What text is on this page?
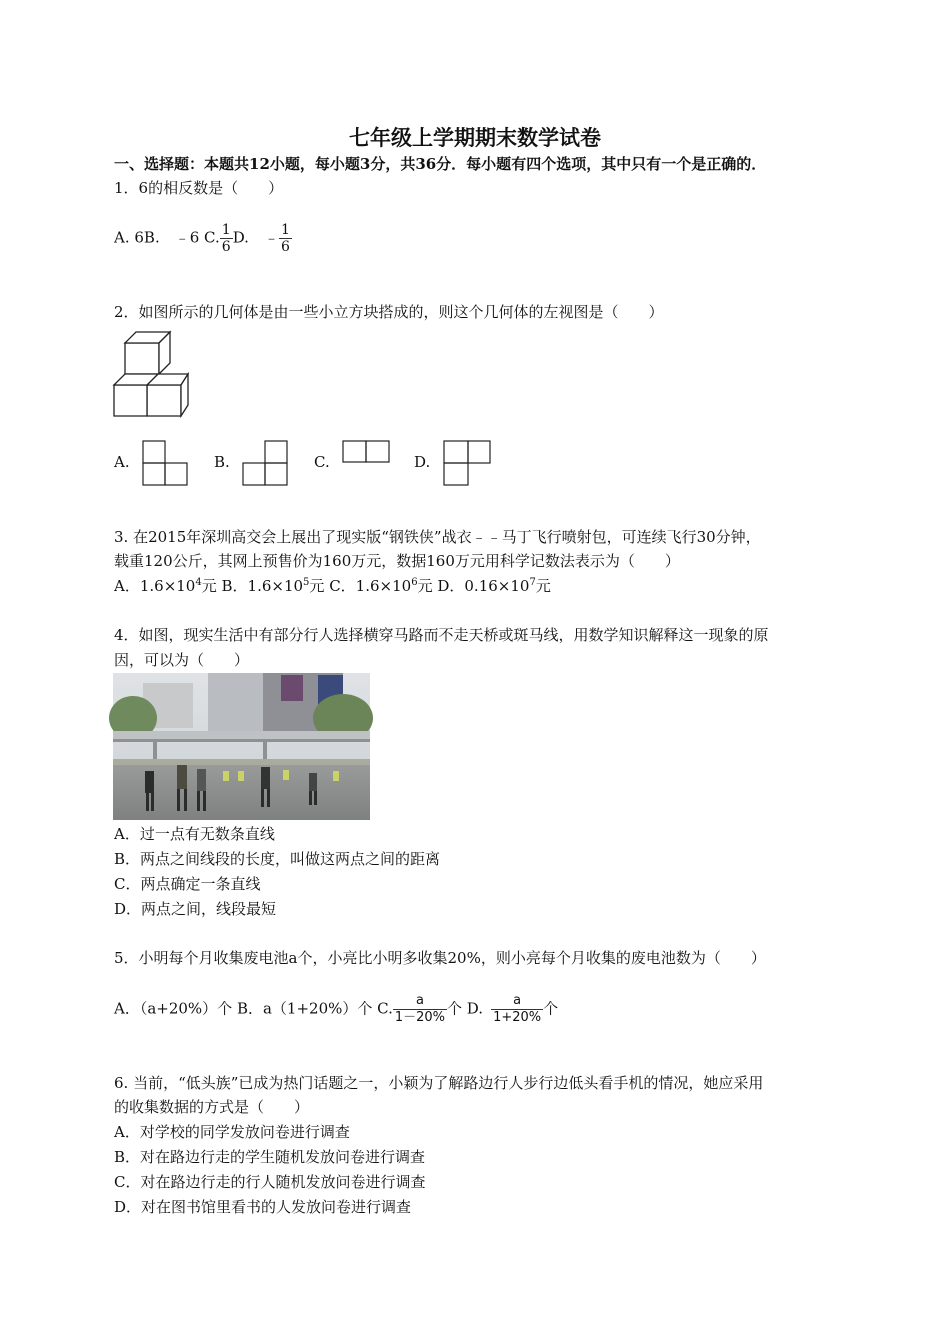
七年级上学期期末数学试卷
一、选择题：本题共12小题，每小题3分，共36分．每小题有四个选项，其中只有一个是正确的．
1．6的相反数是（　　）
A. 6B.　﹣6 C. $\frac{1}{6} D$.　﹣ $\frac{1}{6}$
2．如图所示的几何体是由一些小立方块搭成的，则这个几何体的左视图是（　　）
A.	B.	C.	D.
3. 在2015年深圳高交会上展出了现实版“钢铁侠”战衣﹣﹣马丁飞行喷射包，可连续飞行30分钟，
载重120公斤，其网上预售价为160万元，数据160万元用科学记数法表示为（　　）
A．$1.6\times 10^4$元 B．$1.6\times 10^5$元 C．$1.6\times 10^6$元 D．$0.16\times 10^7$元
4．如图，现实生活中有部分行人选择横穿马路而不走天桥或斑马线，用数学知识解释这一现象的原
因，可以为（　　）
A．过一点有无数条直线
B．两点之间线段的长度，叫做这两点之间的距离
C．两点确定一条直线
D．两点之间，线段最短
5．小明每个月收集废电池a个，小亮比小明多收集20%，则小亮每个月收集的废电池数为（　　）
A．（a+20%）个 B．a（1+20%）个 C. $\frac{a}{1-20\%}$ 个 D. $\frac{a}{1+20\%}$ 个
6. 当前，“低头族”已成为热门话题之一，小颖为了解路边行人步行边低头看手机的情况，她应采用
的收集数据的方式是（　　）
A．对学校的同学发放问卷进行调查
B．对在路边行走的学生随机发放问卷进行调查
C．对在路边行走的行人随机发放问卷进行调查
D．对在图书馆里看书的人发放问卷进行调查
